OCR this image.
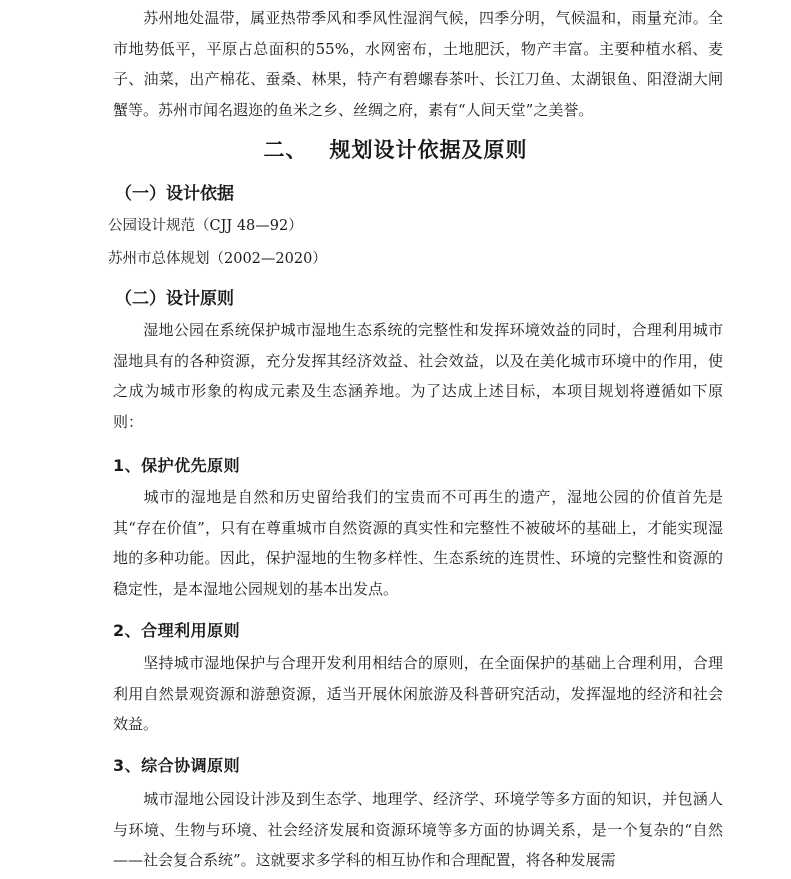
苏州地处温带，属亚热带季风和季风性湿润气候，四季分明，气候温和，雨量充沛。全市地势低平，平原占总面积的55%，水网密布，土地肥沃，物产丰富。主要种植水稻、麦子、油菜，出产棉花、蚕桑、林果，特产有碧螺春茶叶、长江刀鱼、太湖银鱼、阳澄湖大闸蟹等。苏州市闻名遐迩的鱼米之乡、丝绸之府，素有“人间天堂”之美誉。

二、 规划设计依据及原则
（一）设计依据

公园设计规范（CJJ 48—92）

苏州市总体规划（2002—2020）

（二）设计原则

湿地公园在系统保护城市湿地生态系统的完整性和发挥环境效益的同时，合理利用城市湿地具有的各种资源，充分发挥其经济效益、社会效益，以及在美化城市环境中的作用，使之成为城市形象的构成元素及生态涵养地。为了达成上述目标，本项目规划将遵循如下原则：

1、保护优先原则

城市的湿地是自然和历史留给我们的宝贵而不可再生的遗产，湿地公园的价值首先是其“存在价值”，只有在尊重城市自然资源的真实性和完整性不被破坏的基础上，才能实现湿地的多种功能。因此，保护湿地的生物多样性、生态系统的连贯性、环境的完整性和资源的稳定性，是本湿地公园规划的基本出发点。

2、合理利用原则

坚持城市湿地保护与合理开发利用相结合的原则，在全面保护的基础上合理利用，合理利用自然景观资源和游憩资源，适当开展休闲旅游及科普研究活动，发挥湿地的经济和社会效益。

3、综合协调原则

城市湿地公园设计涉及到生态学、地理学、经济学、环境学等多方面的知识，并包涵人与环境、生物与环境、社会经济发展和资源环境等多方面的协调关系，是一个复杂的“自然——社会复合系统”。这就要求多学科的相互协作和合理配置，将各种发展需
